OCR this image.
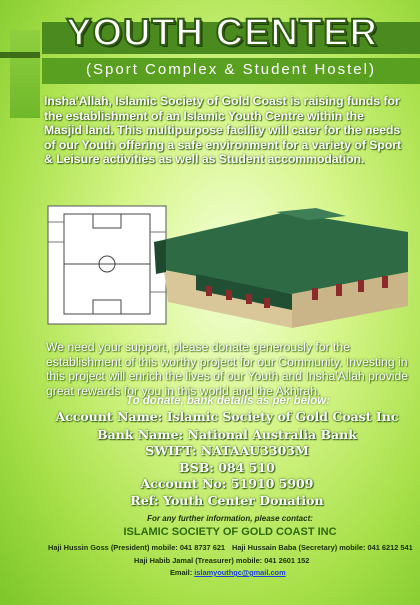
YOUTH CENTER
(Sport Complex & Student Hostel)
Insha'Allah, Islamic Society of Gold Coast is raising funds for the establishment of an Islamic Youth Centre within the Masjid land. This multipurpose facility will cater for the needs of our Youth offering a safe environment for a variety of Sport & Leisure activities as well as Student accommodation.
We need your support, please donate generously for the establishment of this worthy project for our Community. Investing in this project will enrich the lives of our Youth and Insha'Allah provide great rewards for you in this world and the Akhirah.
To donate, bank details as per below:
Account Name: Islamic Society of Gold Coast Inc
Bank Name: National Australia Bank
SWIFT: NATAAU3303M
BSB: 084 510
Account No: 51910 5909
Ref: Youth Center Donation
For any further information, please contact:
ISLAMIC SOCIETY OF GOLD COAST INC
Haji Hussin Goss (President) mobile: 041 8737 621 Haji Hussain Baba (Secretary) mobile: 041 6212 541
Haji Habib Jamal (Treasurer) mobile: 041 2601 152
Email: islamyouthgc@gmail.com
